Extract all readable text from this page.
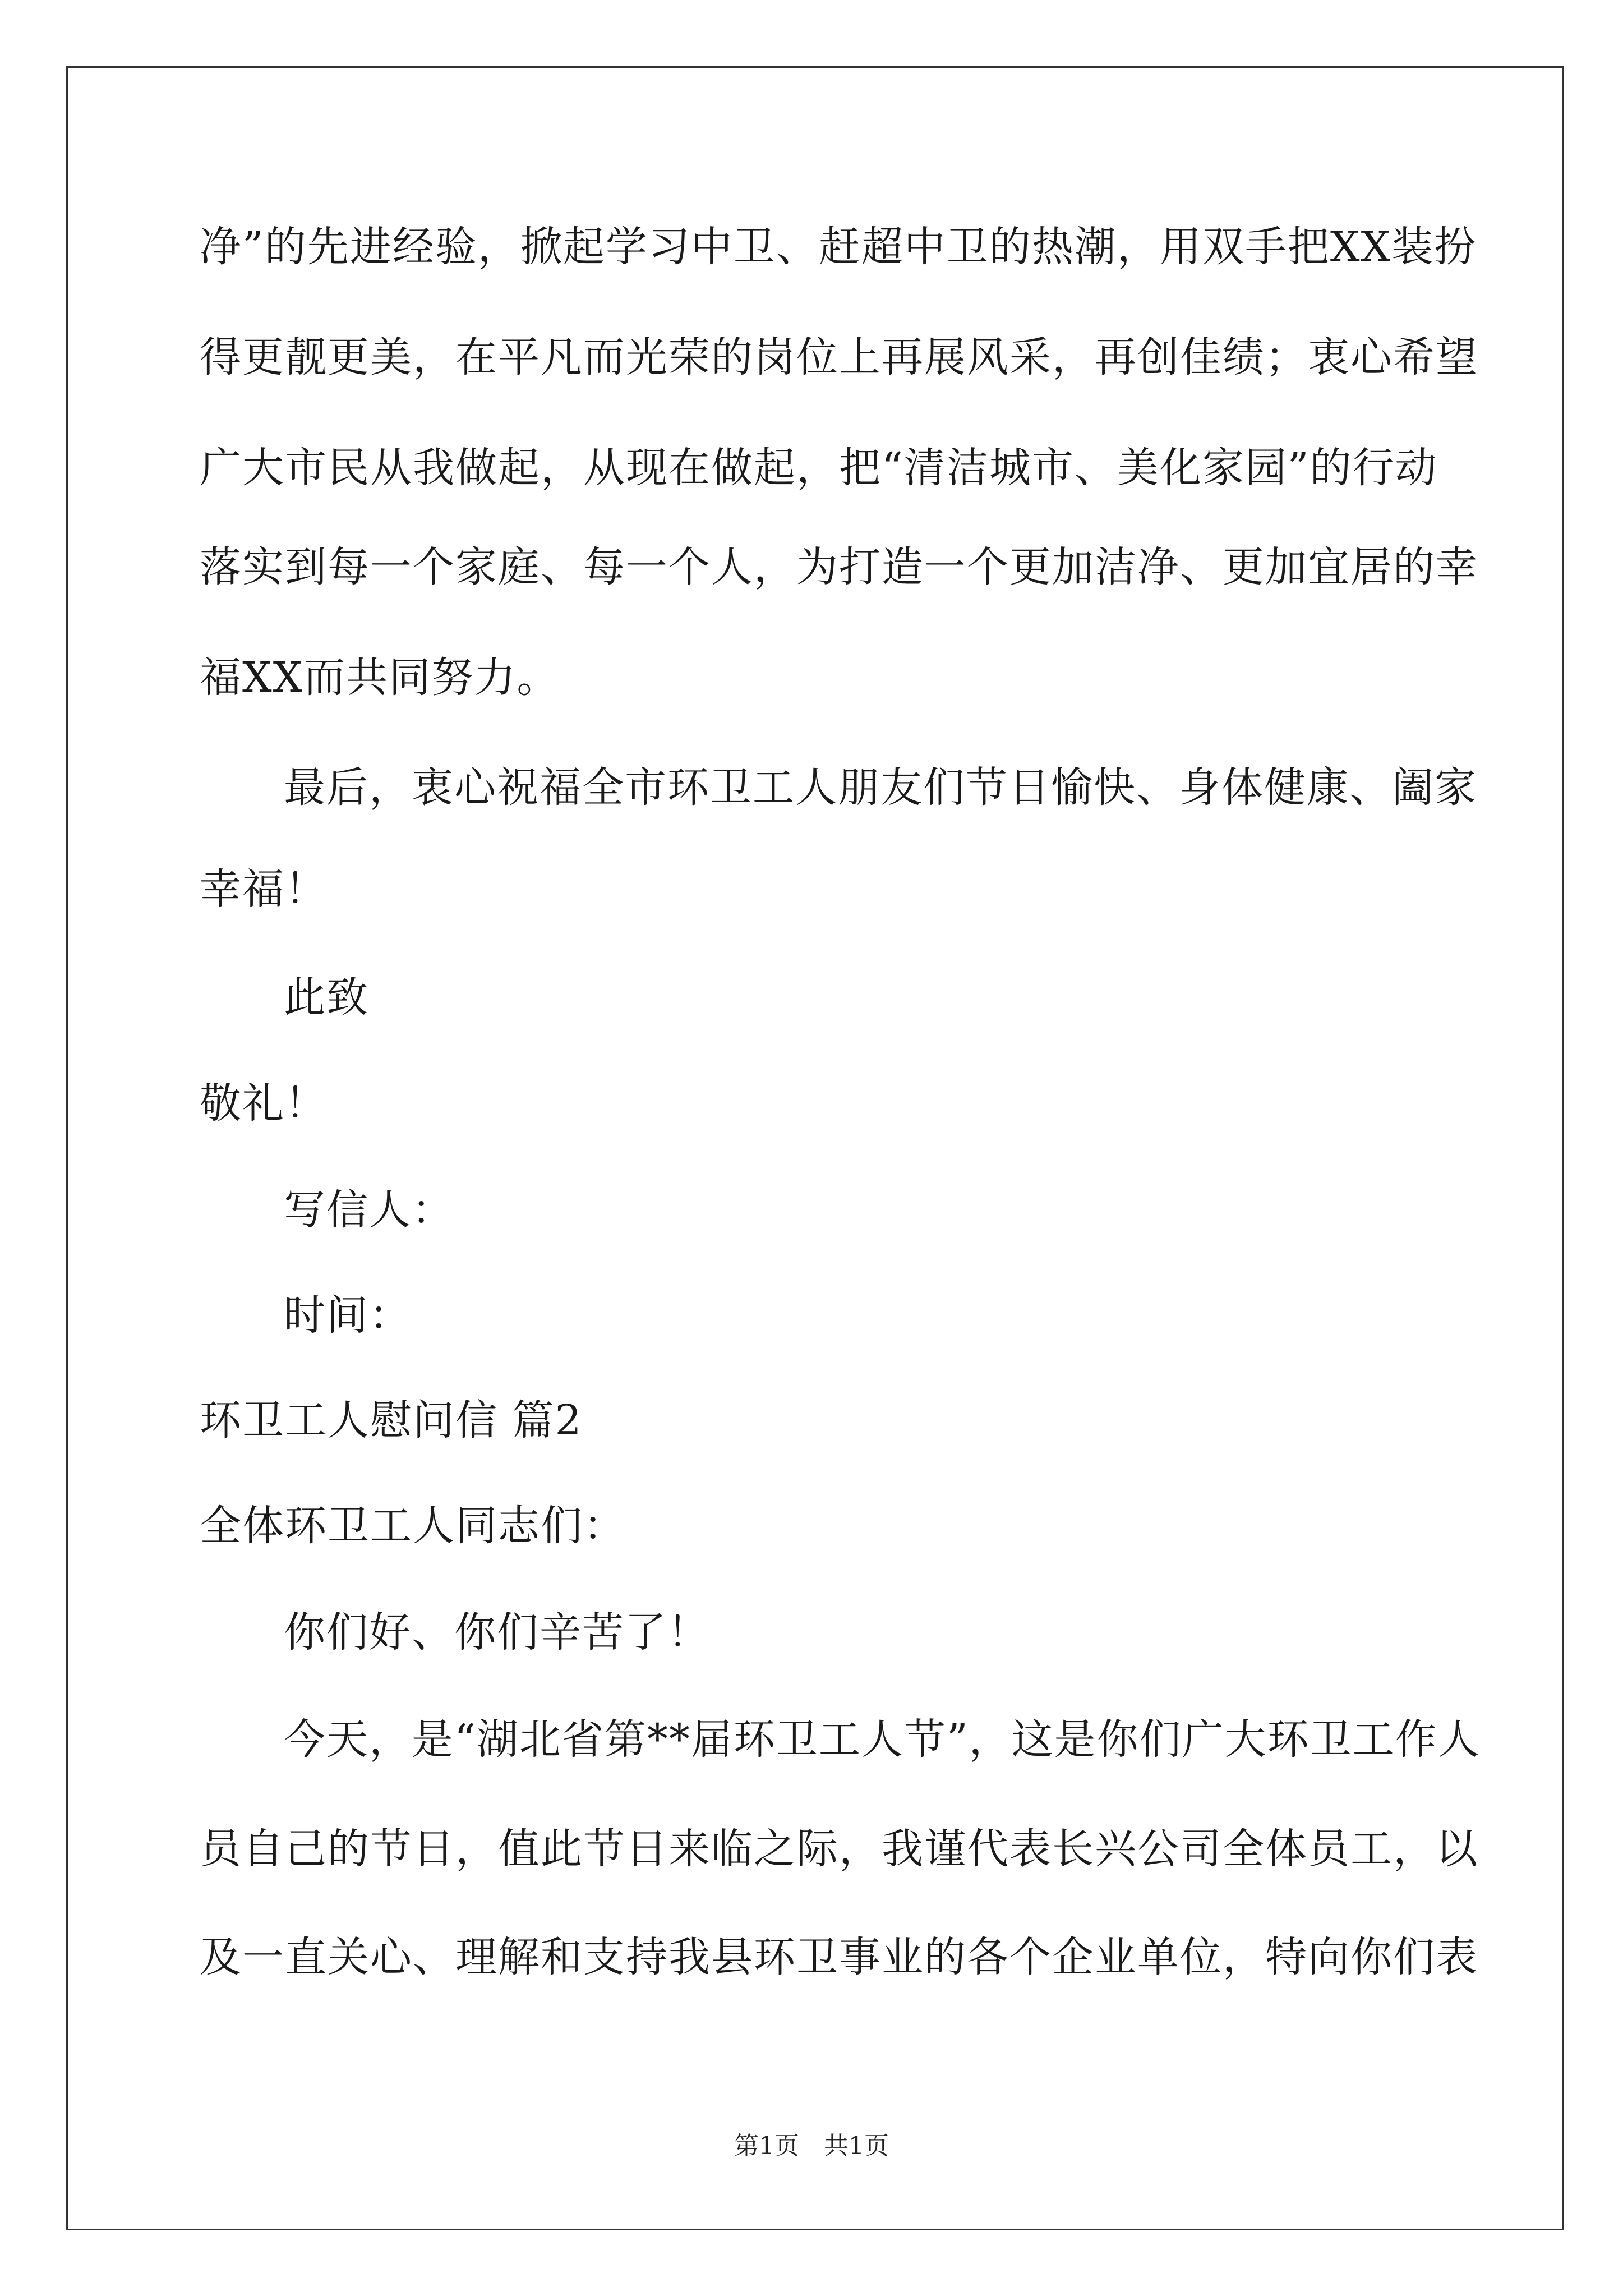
净”的先进经验，掀起学习中卫、赶超中卫的热潮，用双手把XX装扮
得更靓更美，在平凡而光荣的岗位上再展风采，再创佳绩；衷心希望
广大市民从我做起，从现在做起，把“清洁城市、美化家园”的行动
落实到每一个家庭、每一个人，为打造一个更加洁净、更加宜居的幸
福XX而共同努力。
最后，衷心祝福全市环卫工人朋友们节日愉快、身体健康、阖家
幸福！
此致
敬礼！
写信人：
时间：
环卫工人慰问信 篇2
全体环卫工人同志们：
你们好、你们辛苦了！
今天，是“湖北省第**届环卫工人节”，这是你们广大环卫工作人
员自己的节日，值此节日来临之际，我谨代表长兴公司全体员工，以
及一直关心、理解和支持我县环卫事业的各个企业单位，特向你们表
第1页　共1页
